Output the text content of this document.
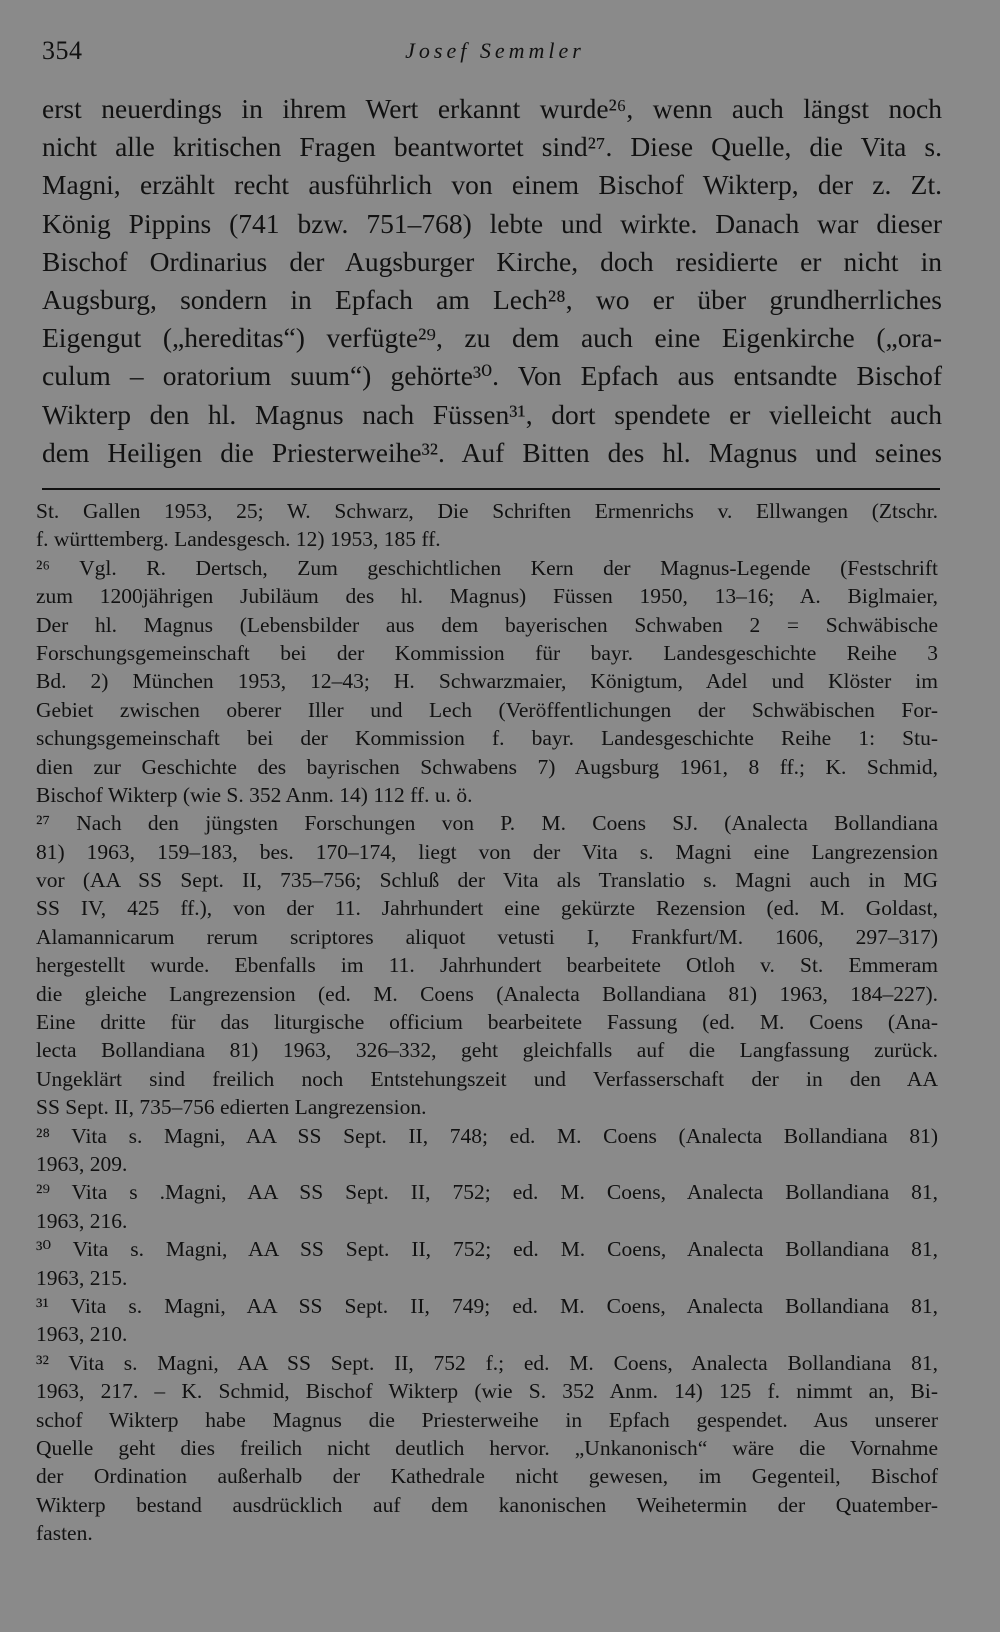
354	Josef Semmler
erst neuerdings in ihrem Wert erkannt wurde²⁶, wenn auch längst noch
nicht alle kritischen Fragen beantwortet sind²⁷. Diese Quelle, die Vita s.
Magni, erzählt recht ausführlich von einem Bischof Wikterp, der z. Zt.
König Pippins (741 bzw. 751–768) lebte und wirkte. Danach war dieser
Bischof Ordinarius der Augsburger Kirche, doch residierte er nicht in
Augsburg, sondern in Epfach am Lech²⁸, wo er über grundherrliches
Eigengut („hereditas“) verfügte²⁹, zu dem auch eine Eigenkirche („ora-
culum – oratorium suum“) gehörte³⁰. Von Epfach aus entsandte Bischof
Wikterp den hl. Magnus nach Füssen³¹, dort spendete er vielleicht auch
dem Heiligen die Priesterweihe³². Auf Bitten des hl. Magnus und seines
St. Gallen 1953, 25; W. Schwarz, Die Schriften Ermenrichs v. Ellwangen (Ztschr.
f. württemberg. Landesgesch. 12) 1953, 185 ff.
²⁶ Vgl. R. Dertsch, Zum geschichtlichen Kern der Magnus-Legende (Festschrift
zum 1200jährigen Jubiläum des hl. Magnus) Füssen 1950, 13–16; A. Biglmaier,
Der hl. Magnus (Lebensbilder aus dem bayerischen Schwaben 2 = Schwäbische
Forschungsgemeinschaft bei der Kommission für bayr. Landesgeschichte Reihe 3
Bd. 2) München 1953, 12–43; H. Schwarzmaier, Königtum, Adel und Klöster im
Gebiet zwischen oberer Iller und Lech (Veröffentlichungen der Schwäbischen For-
schungsgemeinschaft bei der Kommission f. bayr. Landesgeschichte Reihe 1: Stu-
dien zur Geschichte des bayrischen Schwabens 7) Augsburg 1961, 8 ff.; K. Schmid,
Bischof Wikterp (wie S. 352 Anm. 14) 112 ff. u. ö.
²⁷ Nach den jüngsten Forschungen von P. M. Coens SJ. (Analecta Bollandiana
81) 1963, 159–183, bes. 170–174, liegt von der Vita s. Magni eine Langrezension
vor (AA SS Sept. II, 735–756; Schluß der Vita als Translatio s. Magni auch in MG
SS IV, 425 ff.), von der 11. Jahrhundert eine gekürzte Rezension (ed. M. Goldast,
Alamannicarum rerum scriptores aliquot vetusti I, Frankfurt/M. 1606, 297–317)
hergestellt wurde. Ebenfalls im 11. Jahrhundert bearbeitete Otloh v. St. Emmeram
die gleiche Langrezension (ed. M. Coens (Analecta Bollandiana 81) 1963, 184–227).
Eine dritte für das liturgische officium bearbeitete Fassung (ed. M. Coens (Ana-
lecta Bollandiana 81) 1963, 326–332, geht gleichfalls auf die Langfassung zurück.
Ungeklärt sind freilich noch Entstehungszeit und Verfasserschaft der in den AA
SS Sept. II, 735–756 edierten Langrezension.
²⁸ Vita s. Magni, AA SS Sept. II, 748; ed. M. Coens (Analecta Bollandiana 81)
1963, 209.
²⁹ Vita s .Magni, AA SS Sept. II, 752; ed. M. Coens, Analecta Bollandiana 81,
1963, 216.
³⁰ Vita s. Magni, AA SS Sept. II, 752; ed. M. Coens, Analecta Bollandiana 81,
1963, 215.
³¹ Vita s. Magni, AA SS Sept. II, 749; ed. M. Coens, Analecta Bollandiana 81,
1963, 210.
³² Vita s. Magni, AA SS Sept. II, 752 f.; ed. M. Coens, Analecta Bollandiana 81,
1963, 217. – K. Schmid, Bischof Wikterp (wie S. 352 Anm. 14) 125 f. nimmt an, Bi-
schof Wikterp habe Magnus die Priesterweihe in Epfach gespendet. Aus unserer
Quelle geht dies freilich nicht deutlich hervor. „Unkanonisch“ wäre die Vornahme
der Ordination außerhalb der Kathedrale nicht gewesen, im Gegenteil, Bischof
Wikterp bestand ausdrücklich auf dem kanonischen Weihetermin der Quatember-
fasten.
